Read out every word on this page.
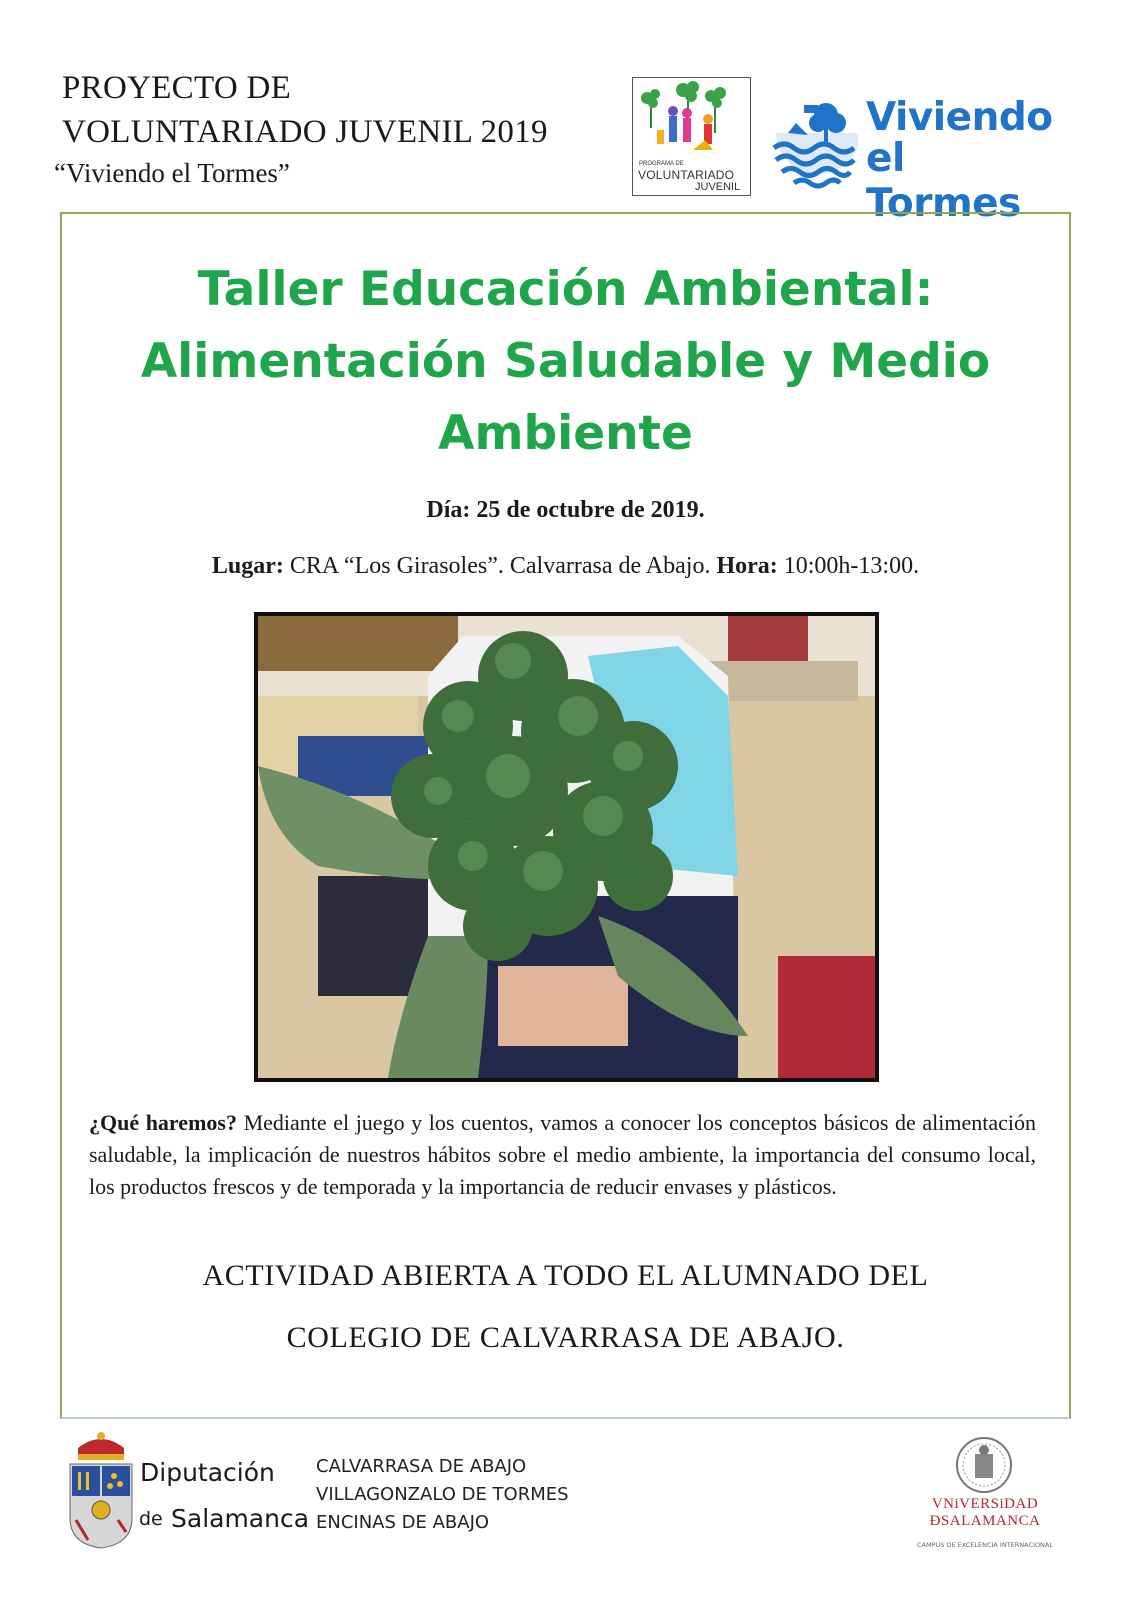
PROYECTO DE
VOLUNTARIADO JUVENIL 2019
“Viviendo el Tormes”	PROGRAMA DE
VOLUNTARIADO
JUVENIL
Viviendo
el Tormes
Taller Educación Ambiental:
Alimentación Saludable y Medio
Ambiente
Día: 25 de octubre de 2019.
Lugar: CRA “Los Girasoles”. Calvarrasa de Abajo. Hora: 10:00h-13:00.
¿Qué haremos? Mediante el juego y los cuentos, vamos a conocer los conceptos básicos de alimentación saludable, la implicación de nuestros hábitos sobre el medio ambiente, la importancia del consumo local, los productos frescos y de temporada y la importancia de reducir envases y plásticos.
ACTIVIDAD ABIERTA A TODO EL ALUMNADO DEL
COLEGIO DE CALVARRASA DE ABAJO.
Diputación
de Salamanca
CALVARRASA DE ABAJO
VILLAGONZALO DE TORMES
ENCINAS DE ABAJO
VNiVERSiDAD
ÐSALAMANCA
CAMPUS DE EXCELENCIA INTERNACIONAL
